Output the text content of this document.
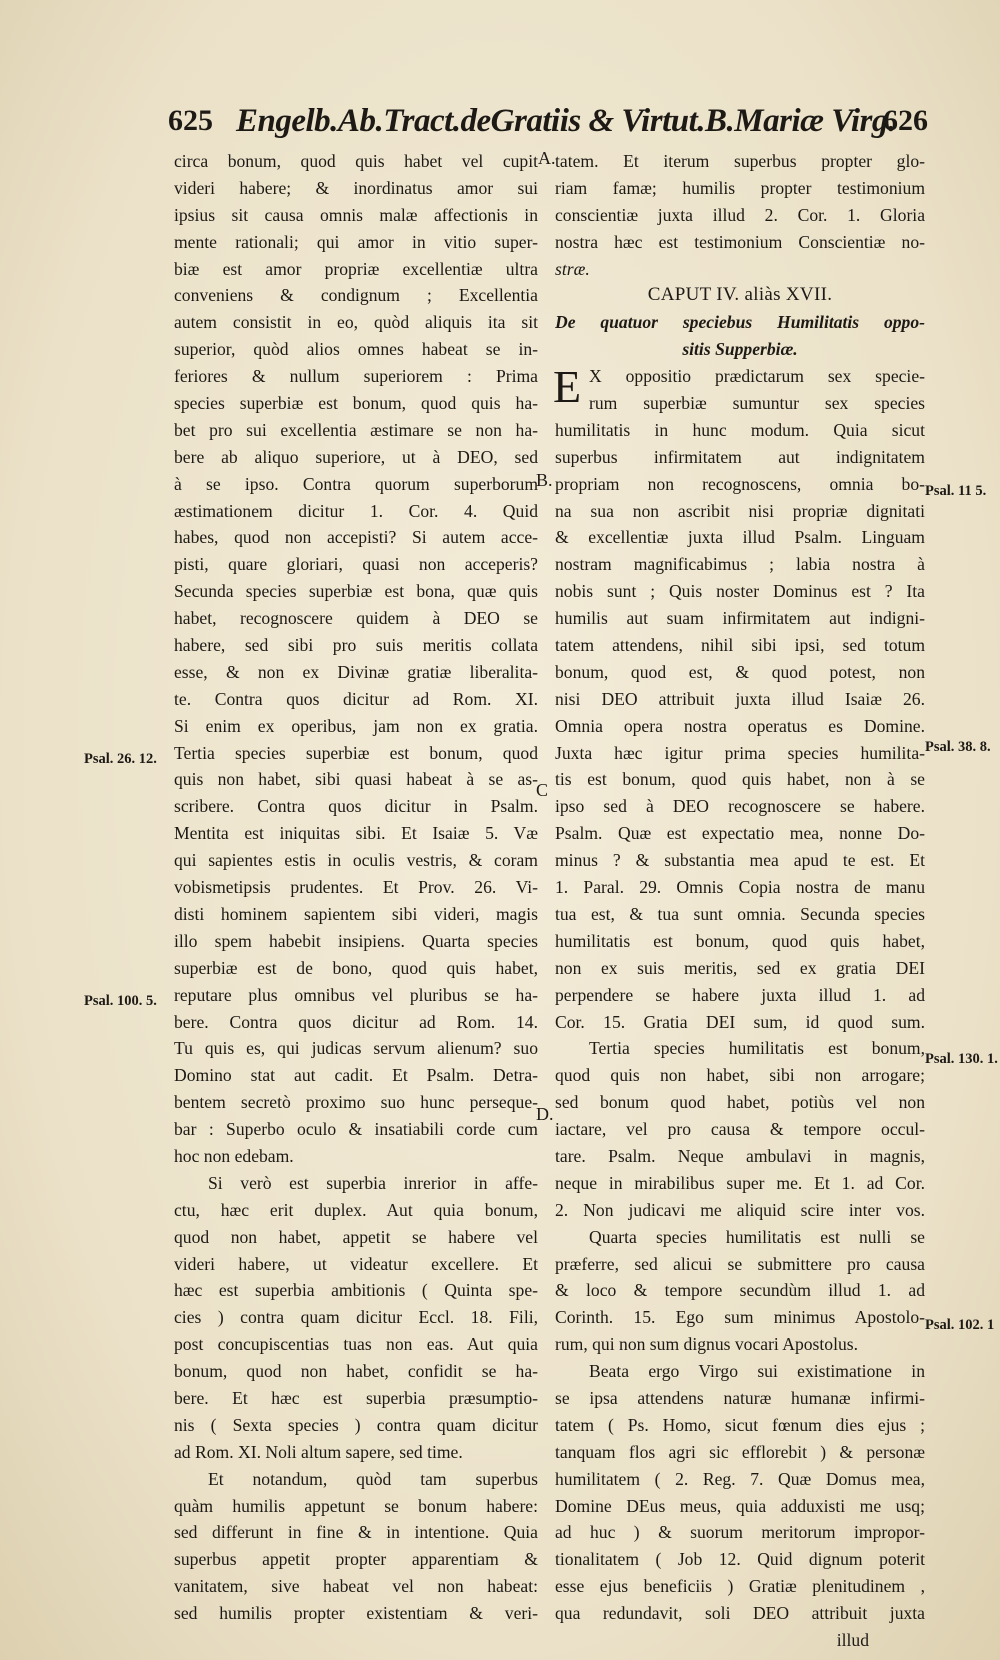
625 Engelb.Ab.Tract.deGratiis & Virtut.B.Mariæ Virg.
626
circa bonum, quod quis habet vel cupit
videri habere; & inordinatus amor sui
ipsius sit causa omnis malæ affectionis in
mente rationali; qui amor in vitio super-
biæ est amor propriæ excellentiæ ultra
conveniens & condignum ; Excellentia
autem consistit in eo, quòd aliquis ita sit
superior, quòd alios omnes habeat se in-
feriores & nullum superiorem : Prima
species superbiæ est bonum, quod quis ha-
bet pro sui excellentia æstimare se non ha-
bere ab aliquo superiore, ut à DEO, sed
à se ipso. Contra quorum superborum
æstimationem dicitur 1. Cor. 4. Quid
habes, quod non accepisti? Si autem acce-
pisti, quare gloriari, quasi non acceperis?
Secunda species superbiæ est bona, quæ quis
habet, recognoscere quidem à DEO se
habere, sed sibi pro suis meritis collata
esse, & non ex Divinæ gratiæ liberalita-
te. Contra quos dicitur ad Rom. XI.
Si enim ex operibus, jam non ex gratia.
Tertia species superbiæ est bonum, quod
quis non habet, sibi quasi habeat à se as-
scribere. Contra quos dicitur in Psalm.
Mentita est iniquitas sibi. Et Isaiæ 5. Væ
qui sapientes estis in oculis vestris, & coram
vobismetipsis prudentes. Et Prov. 26. Vi-
disti hominem sapientem sibi videri, magis
illo spem habebit insipiens. Quarta species
superbiæ est de bono, quod quis habet,
reputare plus omnibus vel pluribus se ha-
bere. Contra quos dicitur ad Rom. 14.
Tu quis es, qui judicas servum alienum? suo
Domino stat aut cadit. Et Psalm. Detra-
bentem secretò proximo suo hunc perseque-
bar : Superbo oculo & insatiabili corde cum
hoc non edebam.
Si verò est superbia inrerior in affe-
ctu, hæc erit duplex. Aut quia bonum,
quod non habet, appetit se habere vel
videri habere, ut videatur excellere. Et
hæc est superbia ambitionis ( Quinta spe-
cies ) contra quam dicitur Eccl. 18. Fili,
post concupiscentias tuas non eas. Aut quia
bonum, quod non habet, confidit se ha-
bere. Et hæc est superbia præsumptio-
nis ( Sexta species ) contra quam dicitur
ad Rom. XI. Noli altum sapere, sed time.
Et notandum, quòd tam superbus
quàm humilis appetunt se bonum habere:
sed differunt in fine & in intentione. Quia
superbus appetit propter apparentiam &
vanitatem, sive habeat vel non habeat:
sed humilis propter existentiam & veri-
tatem. Et iterum superbus propter glo-
riam famæ; humilis propter testimonium
conscientiæ juxta illud 2. Cor. 1. Gloria
nostra hæc est testimonium Conscientiæ no-
stræ.
CAPUT IV. aliàs XVII.
De quatuor speciebus Humilitatis oppo-
sitis Supperbiæ.
X oppositio prædictarum sex specie-
rum superbiæ sumuntur sex species
humilitatis in hunc modum. Quia sicut
superbus infirmitatem aut indignitatem
propriam non recognoscens, omnia bo-
na sua non ascribit nisi propriæ dignitati
& excellentiæ juxta illud Psalm. Linguam
nostram magnificabimus ; labia nostra à
nobis sunt ; Quis noster Dominus est ? Ita
humilis aut suam infirmitatem aut indigni-
tatem attendens, nihil sibi ipsi, sed totum
bonum, quod est, & quod potest, non
nisi DEO attribuit juxta illud Isaiæ 26.
Omnia opera nostra operatus es Domine.
Juxta hæc igitur prima species humilita-
tis est bonum, quod quis habet, non à se
ipso sed à DEO recognoscere se habere.
Psalm. Quæ est expectatio mea, nonne Do-
minus ? & substantia mea apud te est. Et
1. Paral. 29. Omnis Copia nostra de manu
tua est, & tua sunt omnia. Secunda species
humilitatis est bonum, quod quis habet,
non ex suis meritis, sed ex gratia DEI
perpendere se habere juxta illud 1. ad
Cor. 15. Gratia DEI sum, id quod sum.
Tertia species humilitatis est bonum,
quod quis non habet, sibi non arrogare;
sed bonum quod habet, potiùs vel non
iactare, vel pro causa & tempore occul-
tare. Psalm. Neque ambulavi in magnis,
neque in mirabilibus super me. Et 1. ad Cor.
2. Non judicavi me aliquid scire inter vos.
Quarta species humilitatis est nulli se
præferre, sed alicui se submittere pro causa
& loco & tempore secundùm illud 1. ad
Corinth. 15. Ego sum minimus Apostolo-
rum, qui non sum dignus vocari Apostolus.
Beata ergo Virgo sui existimatione in
se ipsa attendens naturæ humanæ infirmi-
tatem ( Ps. Homo, sicut fœnum dies ejus ;
tanquam flos agri sic efflorebit ) & personæ
humilitatem ( 2. Reg. 7. Quæ Domus mea,
Domine DEus meus, quia adduxisti me usq;
ad huc ) & suorum meritorum impropor-
tionalitatem ( Job 12. Quid dignum poterit
esse ejus beneficiis ) Gratiæ plenitudinem ,
qua redundavit, soli DEO attribuit juxta
illud
E
A.
B.
C
D.
Psal. 26. 12.
Psal. 100. 5.
Psal. 11 5.
Psal. 38. 8.
Psal. 130. 1.
Psal. 102. 1
